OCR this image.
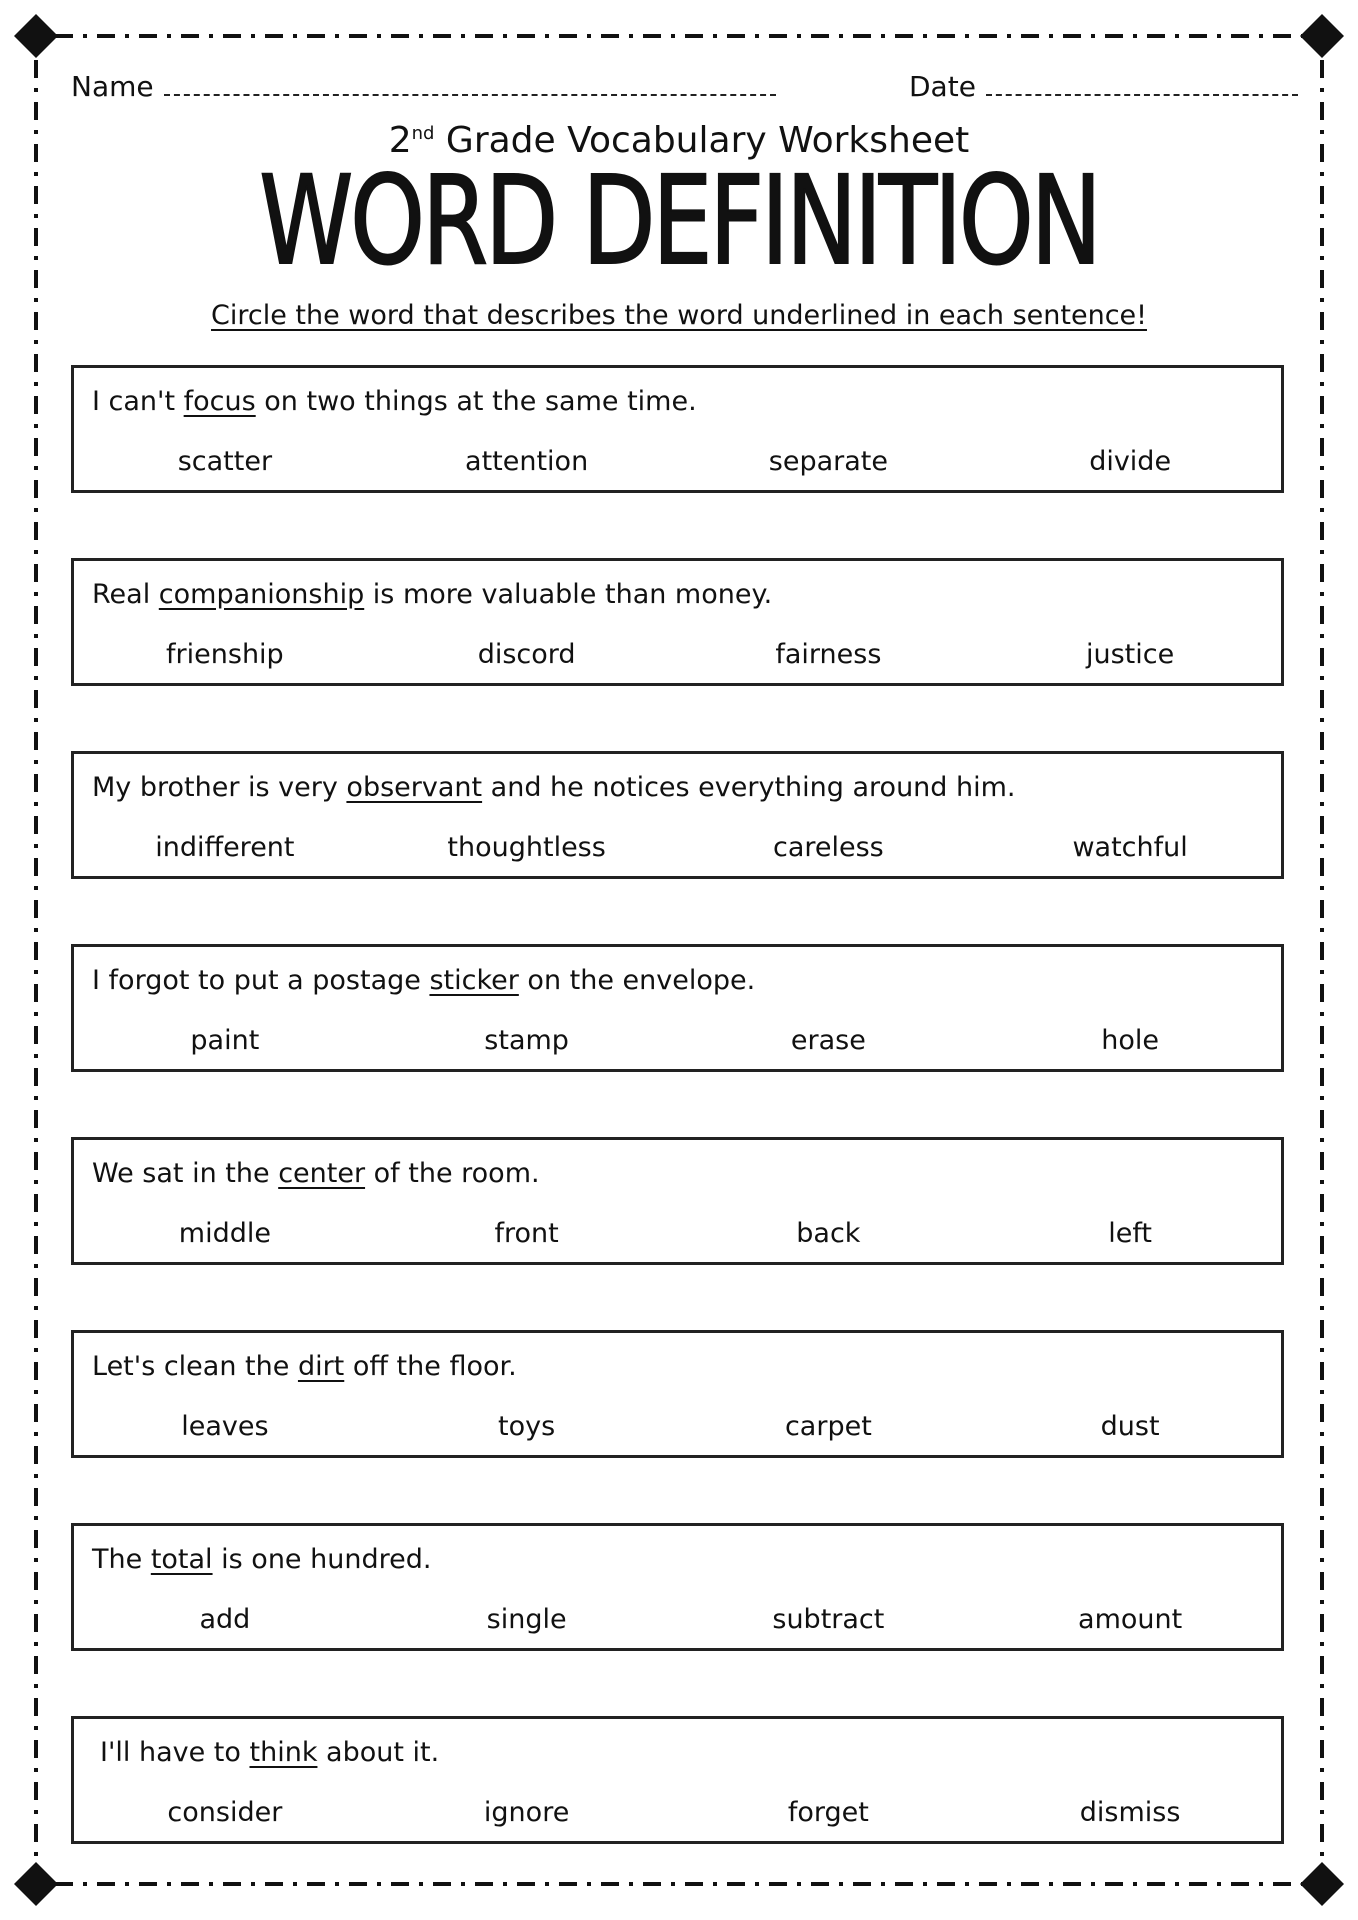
Name	Date
2nd Grade Vocabulary Worksheet
WORD DEFINITION
Circle the word that describes the word underlined in each sentence!
I can't focus on two things at the same time.
scatter	attention	separate	divide
Real companionship is more valuable than money.
frienship	discord	fairness	justice
My brother is very observant and he notices everything around him.
indifferent	thoughtless	careless	watchful
I forgot to put a postage sticker on the envelope.
paint	stamp	erase	hole
We sat in the center of the room.
middle	front	back	left
Let's clean the dirt off the floor.
leaves	toys	carpet	dust
The total is one hundred.
add	single	subtract	amount
I'll have to think about it.
consider	ignore	forget	dismiss
